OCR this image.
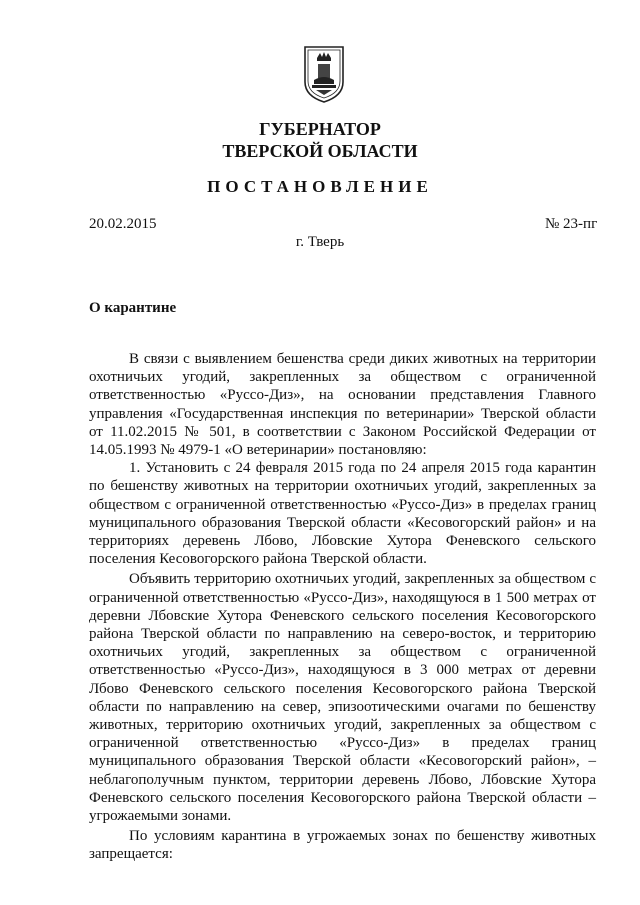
ГУБЕРНАТОР
ТВЕРСКОЙ ОБЛАСТИ
ПОСТАНОВЛЕНИЕ
20.02.2015	№ 23-пг
г. Тверь
О карантине

В связи с выявлением бешенства среди диких животных на территории охотничьих угодий, закрепленных за обществом с ограниченной ответственностью «Руссо-Диз», на основании представления Главного управления «Государственная инспекция по ветеринарии» Тверской области от 11.02.2015 № 501, в соответствии с Законом Российской Федерации от 14.05.1993 № 4979-1 «О ветеринарии» постановляю:

1. Установить с 24 февраля 2015 года по 24 апреля 2015 года карантин по бешенству животных на территории охотничьих угодий, закрепленных за обществом с ограниченной ответственностью «Руссо-Диз» в пределах границ муниципального образования Тверской области «Кесовогорский район» и на территориях деревень Лбово, Лбовские Хутора Феневского сельского поселения Кесовогорского района Тверской области.

Объявить территорию охотничьих угодий, закрепленных за обществом с ограниченной ответственностью «Руссо-Диз», находящуюся в 1 500 метрах от деревни Лбовские Хутора Феневского сельского поселения Кесовогорского района Тверской области по направлению на северо-восток, и территорию охотничьих угодий, закрепленных за обществом с ограниченной ответственностью «Руссо-Диз», находящуюся в 3 000 метрах от деревни Лбово Феневского сельского поселения Кесовогорского района Тверской области по направлению на север, эпизоотическими очагами по бешенству животных, территорию охотничьих угодий, закрепленных за обществом с ограниченной ответственностью «Руссо-Диз» в пределах границ муниципального образования Тверской области «Кесовогорский район», – неблагополучным пунктом, территории деревень Лбово, Лбовские Хутора Феневского сельского поселения Кесовогорского района Тверской области – угрожаемыми зонами.

По условиям карантина в угрожаемых зонах по бешенству животных запрещается:
